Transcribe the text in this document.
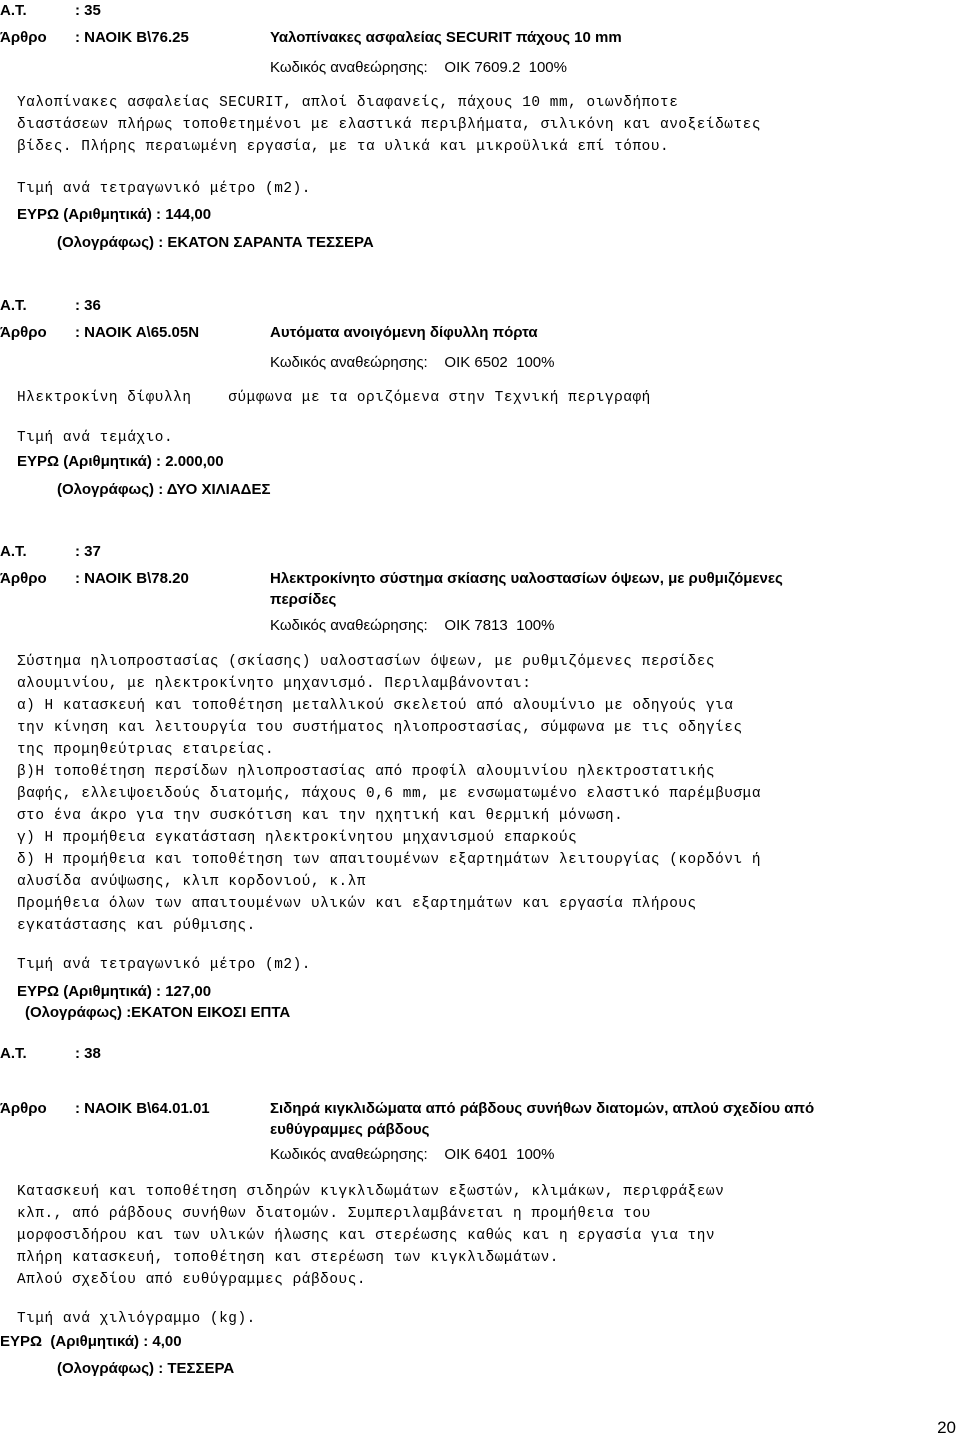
Α.Τ.	: 35
Άρθρο : ΝΑΟΙΚ Β\76.25	Υαλοπίνακες ασφαλείας SECURIT πάχους 10 mm
Κωδικός αναθεώρησης:    ΟΙΚ 7609.2  100%
Υαλοπίνακες ασφαλείας SECURIT, απλοί διαφανείς, πάχους 10 mm, οιωνδήποτε
διαστάσεων πλήρως τοποθετημένοι με ελαστικά περιβλήματα, σιλικόνη και ανοξείδωτες
βίδες. Πλήρης περαιωμένη εργασία, με τα υλικά και μικροϋλικά επί τόπου.
Τιμή ανά τετραγωνικό μέτρο (m2).
ΕΥΡΩ (Αριθμητικά) : 144,00
(Ολογράφως) : ΕΚΑΤΟΝ ΣΑΡΑΝΤΑ ΤΕΣΣΕΡΑ
Α.Τ.	: 36
Άρθρο : ΝΑΟΙΚ Α\65.05Ν	Αυτόματα ανοιγόμενη δίφυλλη πόρτα
Κωδικός αναθεώρησης:    ΟΙΚ 6502  100%
Ηλεκτροκίνη δίφυλλη    σύμφωνα με τα οριζόμενα στην Τεχνική περιγραφή
Τιμή ανά τεμάχιο.
ΕΥΡΩ (Αριθμητικά) : 2.000,00
(Ολογράφως) : ΔΥΟ ΧΙΛΙΑΔΕΣ
Α.Τ.	: 37
Άρθρο : ΝΑΟΙΚ Β\78.20	Ηλεκτροκίνητο σύστημα σκίασης υαλοστασίων όψεων, με ρυθμιζόμενες
περσίδες
Κωδικός αναθεώρησης:    ΟΙΚ 7813  100%
Σύστημα ηλιοπροστασίας (σκίασης) υαλοστασίων όψεων, με ρυθμιζόμενες περσίδες
αλουμινίου, με ηλεκτροκίνητο μηχανισμό. Περιλαμβάνονται:
α) Η κατασκευή και τοποθέτηση μεταλλικού σκελετού από αλουμίνιο με οδηγούς για
την κίνηση και λειτουργία του συστήματος ηλιοπροστασίας, σύμφωνα με τις οδηγίες
της προμηθεύτριας εταιρείας.
β)Η τοποθέτηση περσίδων ηλιοπροστασίας από προφίλ αλουμινίου ηλεκτροστατικής
βαφής, ελλειψοειδούς διατομής, πάχους 0,6 mm, με ενσωματωμένο ελαστικό παρέμβυσμα
στο ένα άκρο για την συσκότιση και την ηχητική και θερμική μόνωση.
γ) Η προμήθεια εγκατάσταση ηλεκτροκίνητου μηχανισμού επαρκούς
δ) Η προμήθεια και τοποθέτηση των απαιτουμένων εξαρτημάτων λειτουργίας (κορδόνι ή
αλυσίδα ανύψωσης, κλιπ κορδονιού, κ.λπ
Προμήθεια όλων των απαιτουμένων υλικών και εξαρτημάτων και εργασία πλήρους
εγκατάστασης και ρύθμισης.
Τιμή ανά τετραγωνικό μέτρο (m2).
ΕΥΡΩ (Αριθμητικά) : 127,00
(Ολογράφως) :ΕΚΑΤΟΝ ΕΙΚΟΣΙ ΕΠΤΑ
Α.Τ.	: 38
Άρθρο : ΝΑΟΙΚ Β\64.01.01	Σιδηρά κιγκλιδώματα από ράβδους συνήθων διατομών, απλού σχεδίου από
ευθύγραμμες ράβδους
Κωδικός αναθεώρησης:    ΟΙΚ 6401  100%
Κατασκευή και τοποθέτηση σιδηρών κιγκλιδωμάτων εξωστών, κλιμάκων, περιφράξεων
κλπ., από ράβδους συνήθων διατομών. Συμπεριλαμβάνεται η προμήθεια του
μορφοσιδήρου και των υλικών ήλωσης και στερέωσης καθώς και η εργασία για την
πλήρη κατασκευή, τοποθέτηση και στερέωση των κιγκλιδωμάτων.
Απλού σχεδίου από ευθύγραμμες ράβδους.
Τιμή ανά χιλιόγραμμο (kg).
ΕΥΡΩ  (Αριθμητικά) : 4,00
(Ολογράφως) : ΤΕΣΣΕΡΑ
20
